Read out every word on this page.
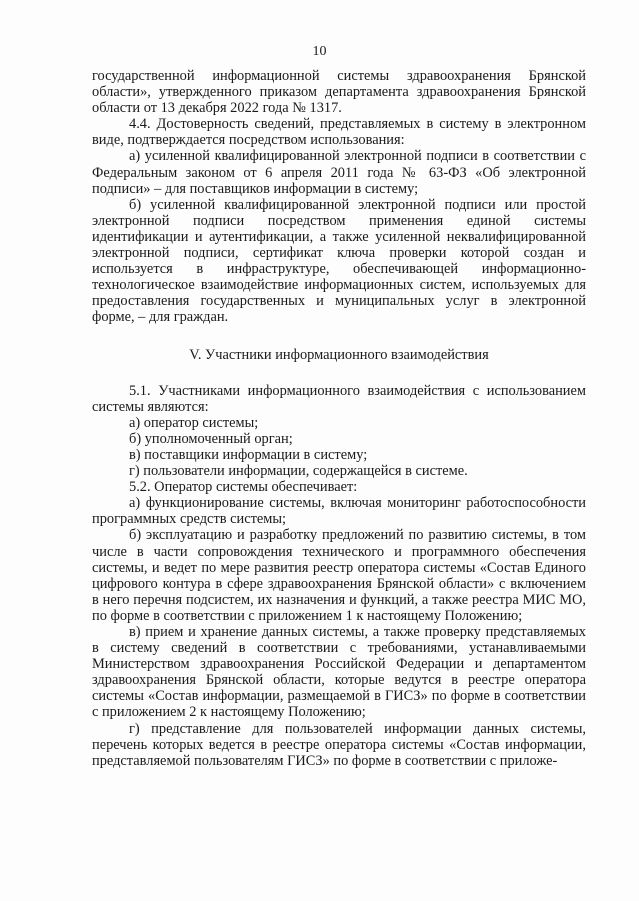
10

государственной информационной системы здравоохранения Брянской области», утвержденного приказом департамента здравоохранения Брянской области от 13 декабря 2022 года № 1317.

4.4. Достоверность сведений, представляемых в систему в электронном виде, подтверждается посредством использования:

а) усиленной квалифицированной электронной подписи в соответствии с Федеральным законом от 6 апреля 2011 года № 63-ФЗ «Об электронной подписи» – для поставщиков информации в систему;

б) усиленной квалифицированной электронной подписи или простой электронной подписи посредством применения единой системы идентификации и аутентификации, а также усиленной неквалифицированной электронной подписи, сертификат ключа проверки которой создан и используется в инфраструктуре, обеспечивающей информационно-технологическое взаимодействие информационных систем, используемых для предоставления государственных и муниципальных услуг в электронной форме, – для граждан.

V. Участники информационного взаимодействия

5.1. Участниками информационного взаимодействия с использованием системы являются:

а) оператор системы;

б) уполномоченный орган;

в) поставщики информации в систему;

г) пользователи информации, содержащейся в системе.

5.2. Оператор системы обеспечивает:

а) функционирование системы, включая мониторинг работоспособности программных средств системы;

б) эксплуатацию и разработку предложений по развитию системы, в том числе в части сопровождения технического и программного обеспечения системы, и ведет по мере развития реестр оператора системы «Состав Единого цифрового контура в сфере здравоохранения Брянской области» с включением в него перечня подсистем, их назначения и функций, а также реестра МИС МО, по форме в соответствии с приложением 1 к настоящему Положению;

в) прием и хранение данных системы, а также проверку представляемых в систему сведений в соответствии с требованиями, устанавливаемыми Министерством здравоохранения Российской Федерации и департаментом здравоохранения Брянской области, которые ведутся в реестре оператора системы «Состав информации, размещаемой в ГИСЗ» по форме в соответствии с приложением 2 к настоящему Положению;

г) представление для пользователей информации данных системы, перечень которых ведется в реестре оператора системы «Состав информации, представляемой пользователям ГИСЗ» по форме в соответствии с приложе-
